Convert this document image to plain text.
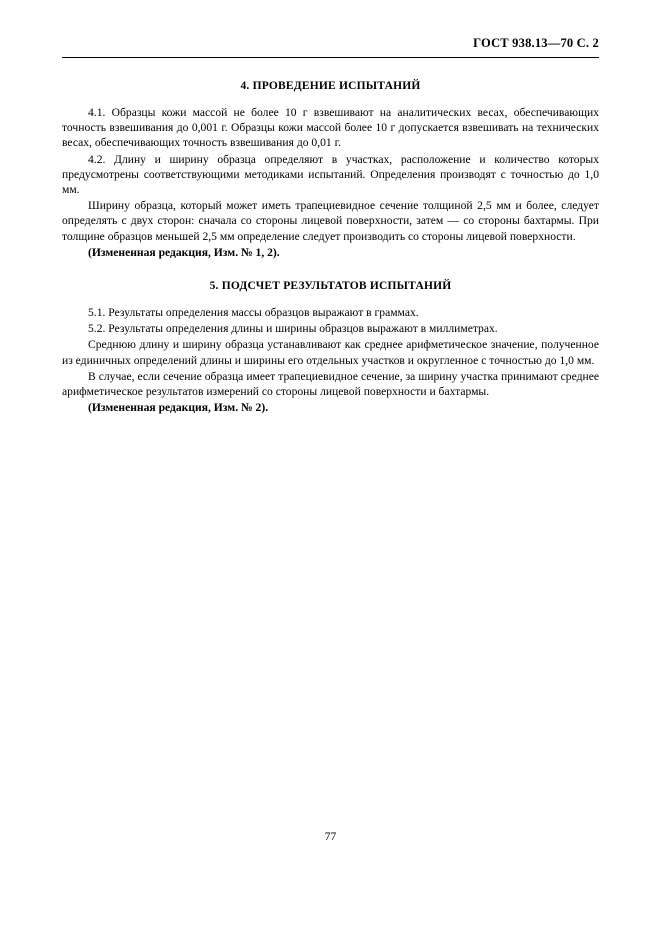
ГОСТ 938.13—70 С. 2
4. ПРОВЕДЕНИЕ ИСПЫТАНИЙ

4.1. Образцы кожи массой не более 10 г взвешивают на аналитических весах, обеспечивающих точность взвешивания до 0,001 г. Образцы кожи массой более 10 г допускается взвешивать на технических весах, обеспечивающих точность взвешивания до 0,01 г.

4.2. Длину и ширину образца определяют в участках, расположение и количество которых предусмотрены соответствующими методиками испытаний. Определения производят с точностью до 1,0 мм.

Ширину образца, который может иметь трапециевидное сечение толщиной 2,5 мм и более, следует определять с двух сторон: сначала со стороны лицевой поверхности, затем — со стороны бахтармы. При толщине образцов меньшей 2,5 мм определение следует производить со стороны лицевой поверхности.

(Измененная редакция, Изм. № 1, 2).

5. ПОДСЧЕТ РЕЗУЛЬТАТОВ ИСПЫТАНИЙ

5.1. Результаты определения массы образцов выражают в граммах.

5.2. Результаты определения длины и ширины образцов выражают в миллиметрах.

Среднюю длину и ширину образца устанавливают как среднее арифметическое значение, полученное из единичных определений длины и ширины его отдельных участков и округленное с точностью до 1,0 мм.

В случае, если сечение образца имеет трапециевидное сечение, за ширину участка принимают среднее арифметическое результатов измерений со стороны лицевой поверхности и бахтармы.

(Измененная редакция, Изм. № 2).

77
